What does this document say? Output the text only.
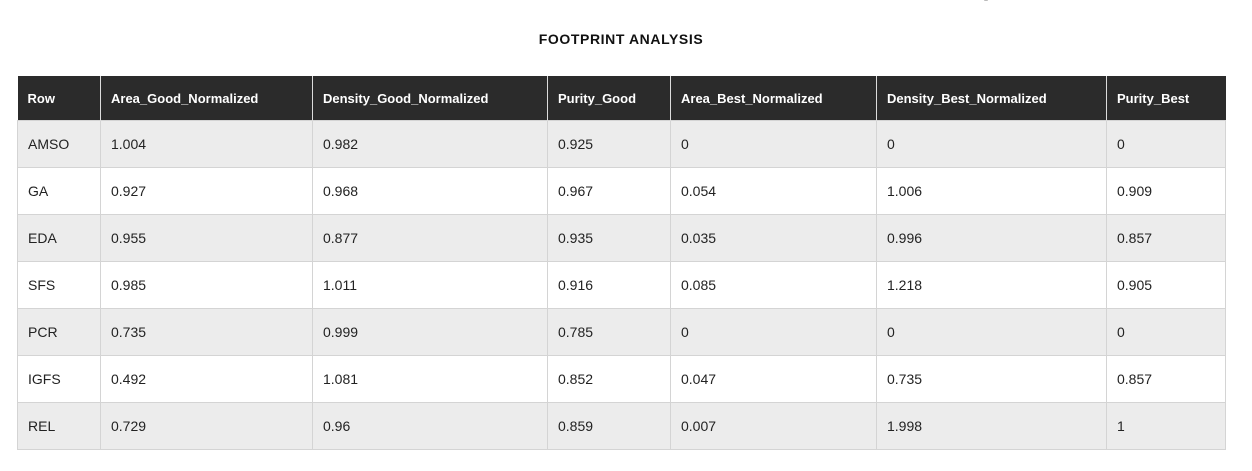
FOOTPRINT ANALYSIS
Row	Area_Good_Normalized	Density_Good_Normalized	Purity_Good	Area_Best_Normalized	Density_Best_Normalized	Purity_Best
AMSO	1.004	0.982	0.925	0	0	0
GA	0.927	0.968	0.967	0.054	1.006	0.909
EDA	0.955	0.877	0.935	0.035	0.996	0.857
SFS	0.985	1.011	0.916	0.085	1.218	0.905
PCR	0.735	0.999	0.785	0	0	0
IGFS	0.492	1.081	0.852	0.047	0.735	0.857
REL	0.729	0.96	0.859	0.007	1.998	1
